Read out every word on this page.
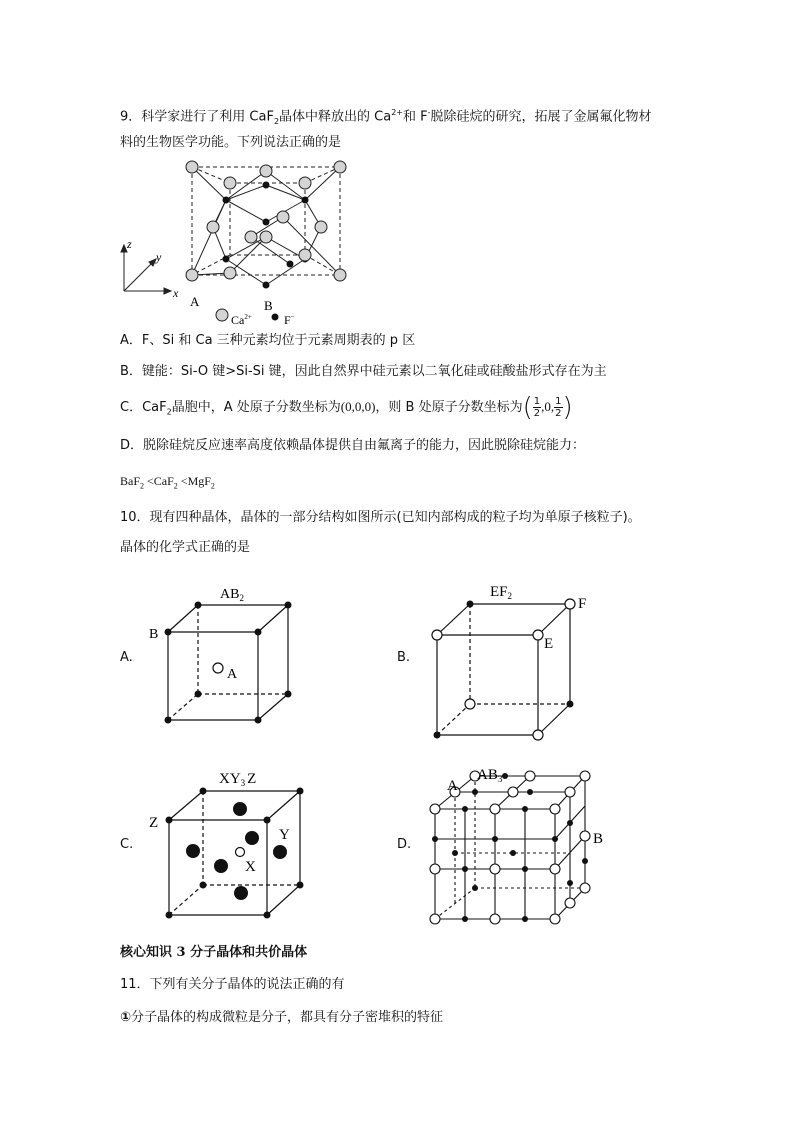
9．科学家进行了利用 CaF$_2$晶体中释放出的 $Ca^{2+}$和 F-脱除硅烷的研究，拓展了金属氟化物材
料的生物医学功能。下列说法正确的是
z
y
x
A	B
$Ca^{2+}$	F−
A．F、Si 和 Ca 三种元素均位于元素周期表的 p 区
B．键能：Si-O 键>Si-Si 键，因此自然界中硅元素以二氧化硅或硅酸盐形式存在为主
C．CaF$_2$晶胞中，A 处原子分数坐标为(0,0,0)，则 B 处原子分数坐标为( $\frac{1}{2} ,0$, $\frac{1}{2}$ )
D．脱除硅烷反应速率高度依赖晶体提供自由氟离子的能力，因此脱除硅烷能力：
BaF$_2$ <CaF$_2$ <MgF$_2$
10．现有四种晶体，晶体的一部分结构如图所示(已知内部构成的粒子均为单原子核粒子)。
晶体的化学式正确的是
A.
$AB_2$
B
A
B.
$EF_2$	F
E
C.
$XY_3$ Z
Z
Y
X
D.
A
$AB_3$
B
核心知识 3 分子晶体和共价晶体
11．下列有关分子晶体的说法正确的有
①分子晶体的构成微粒是分子，都具有分子密堆积的特征
